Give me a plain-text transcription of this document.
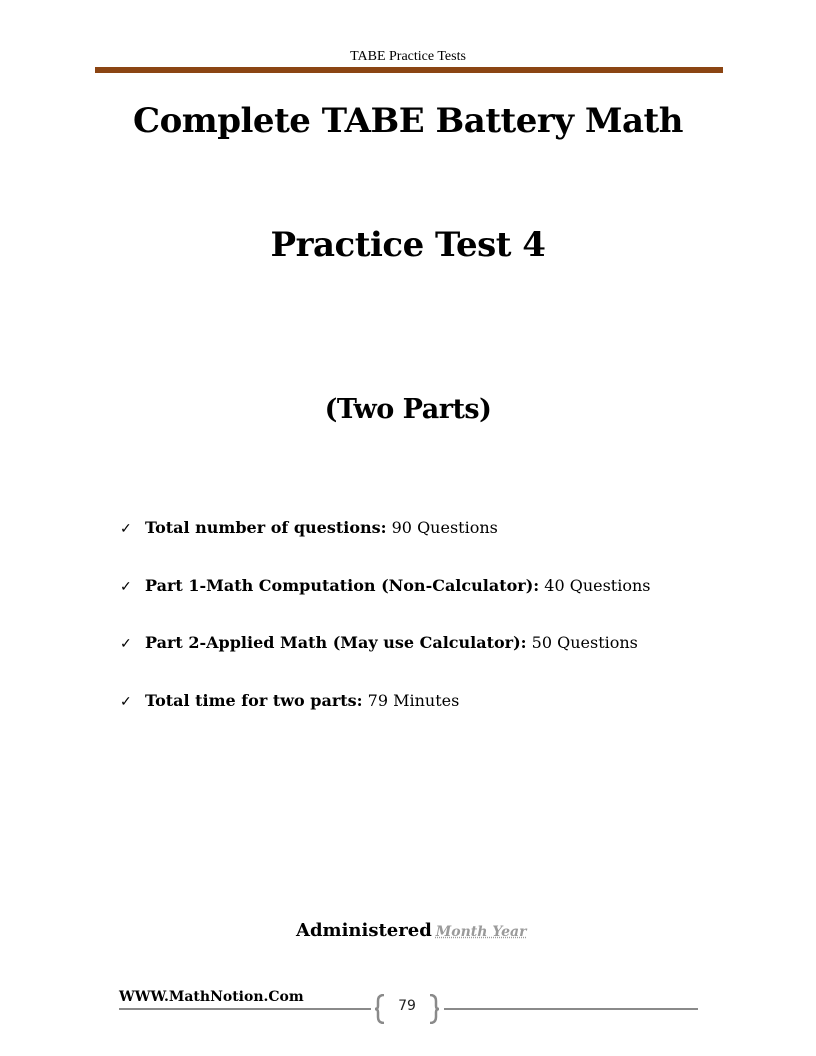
TABE Practice Tests
Complete TABE Battery Math
Practice Test 4
(Two Parts)
✓ Total number of questions: 90 Questions
✓ Part 1-Math Computation (Non-Calculator): 40 Questions
✓ Part 2-Applied Math (May use Calculator): 50 Questions
✓ Total time for two parts: 79 Minutes
Administered Month Year
WWW.MathNotion.Com
79
